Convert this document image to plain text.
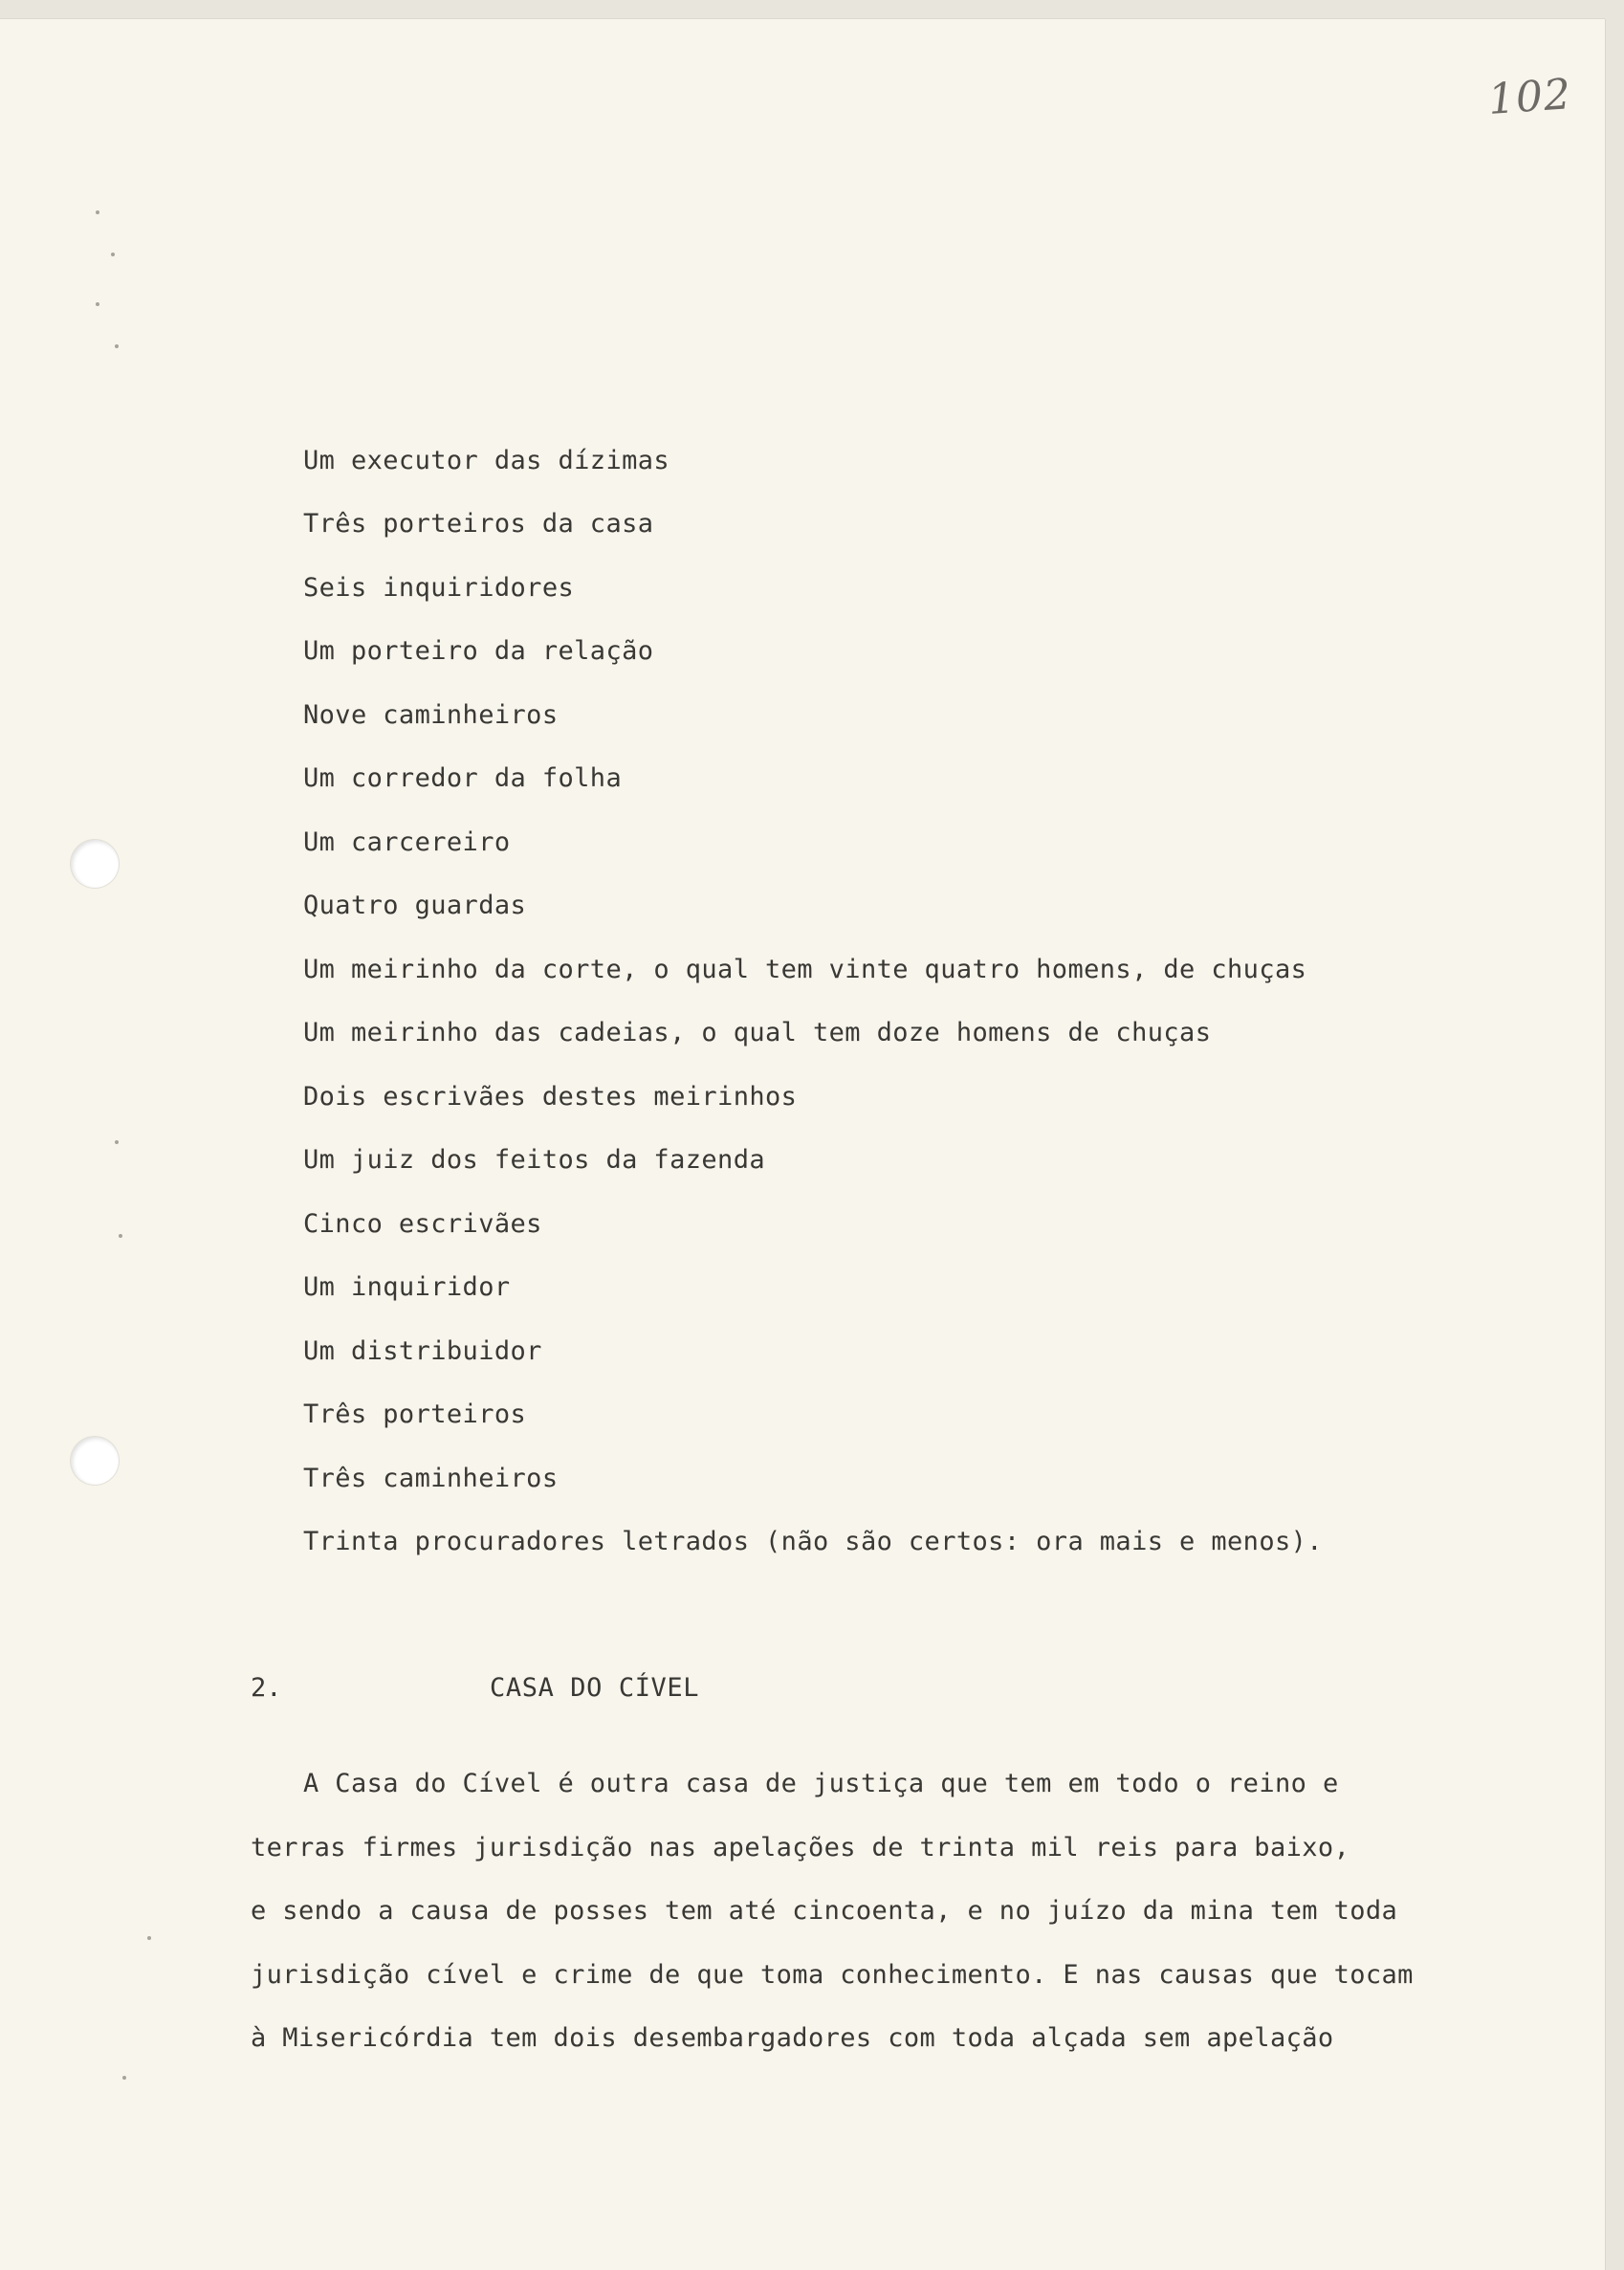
102
Um executor das dízimas
Três porteiros da casa
Seis inquiridores
Um porteiro da relação
Nove caminheiros
Um corredor da folha
Um carcereiro
Quatro guardas
Um meirinho da corte, o qual tem vinte quatro homens, de chuças
Um meirinho das cadeias, o qual tem doze homens de chuças
Dois escrivães destes meirinhos
Um juiz dos feitos da fazenda
Cinco escrivães
Um inquiridor
Um distribuidor
Três porteiros
Três caminheiros
Trinta procuradores letrados (não são certos: ora mais e menos).
2.	CASA DO CÍVEL
A Casa do Cível é outra casa de justiça que tem em todo o reino e
terras firmes jurisdição nas apelações de trinta mil reis para baixo,
e sendo a causa de posses tem até cincoenta, e no juízo da mina tem toda
jurisdição cível e crime de que toma conhecimento. E nas causas que tocam
à Misericórdia tem dois desembargadores com toda alçada sem apelação
